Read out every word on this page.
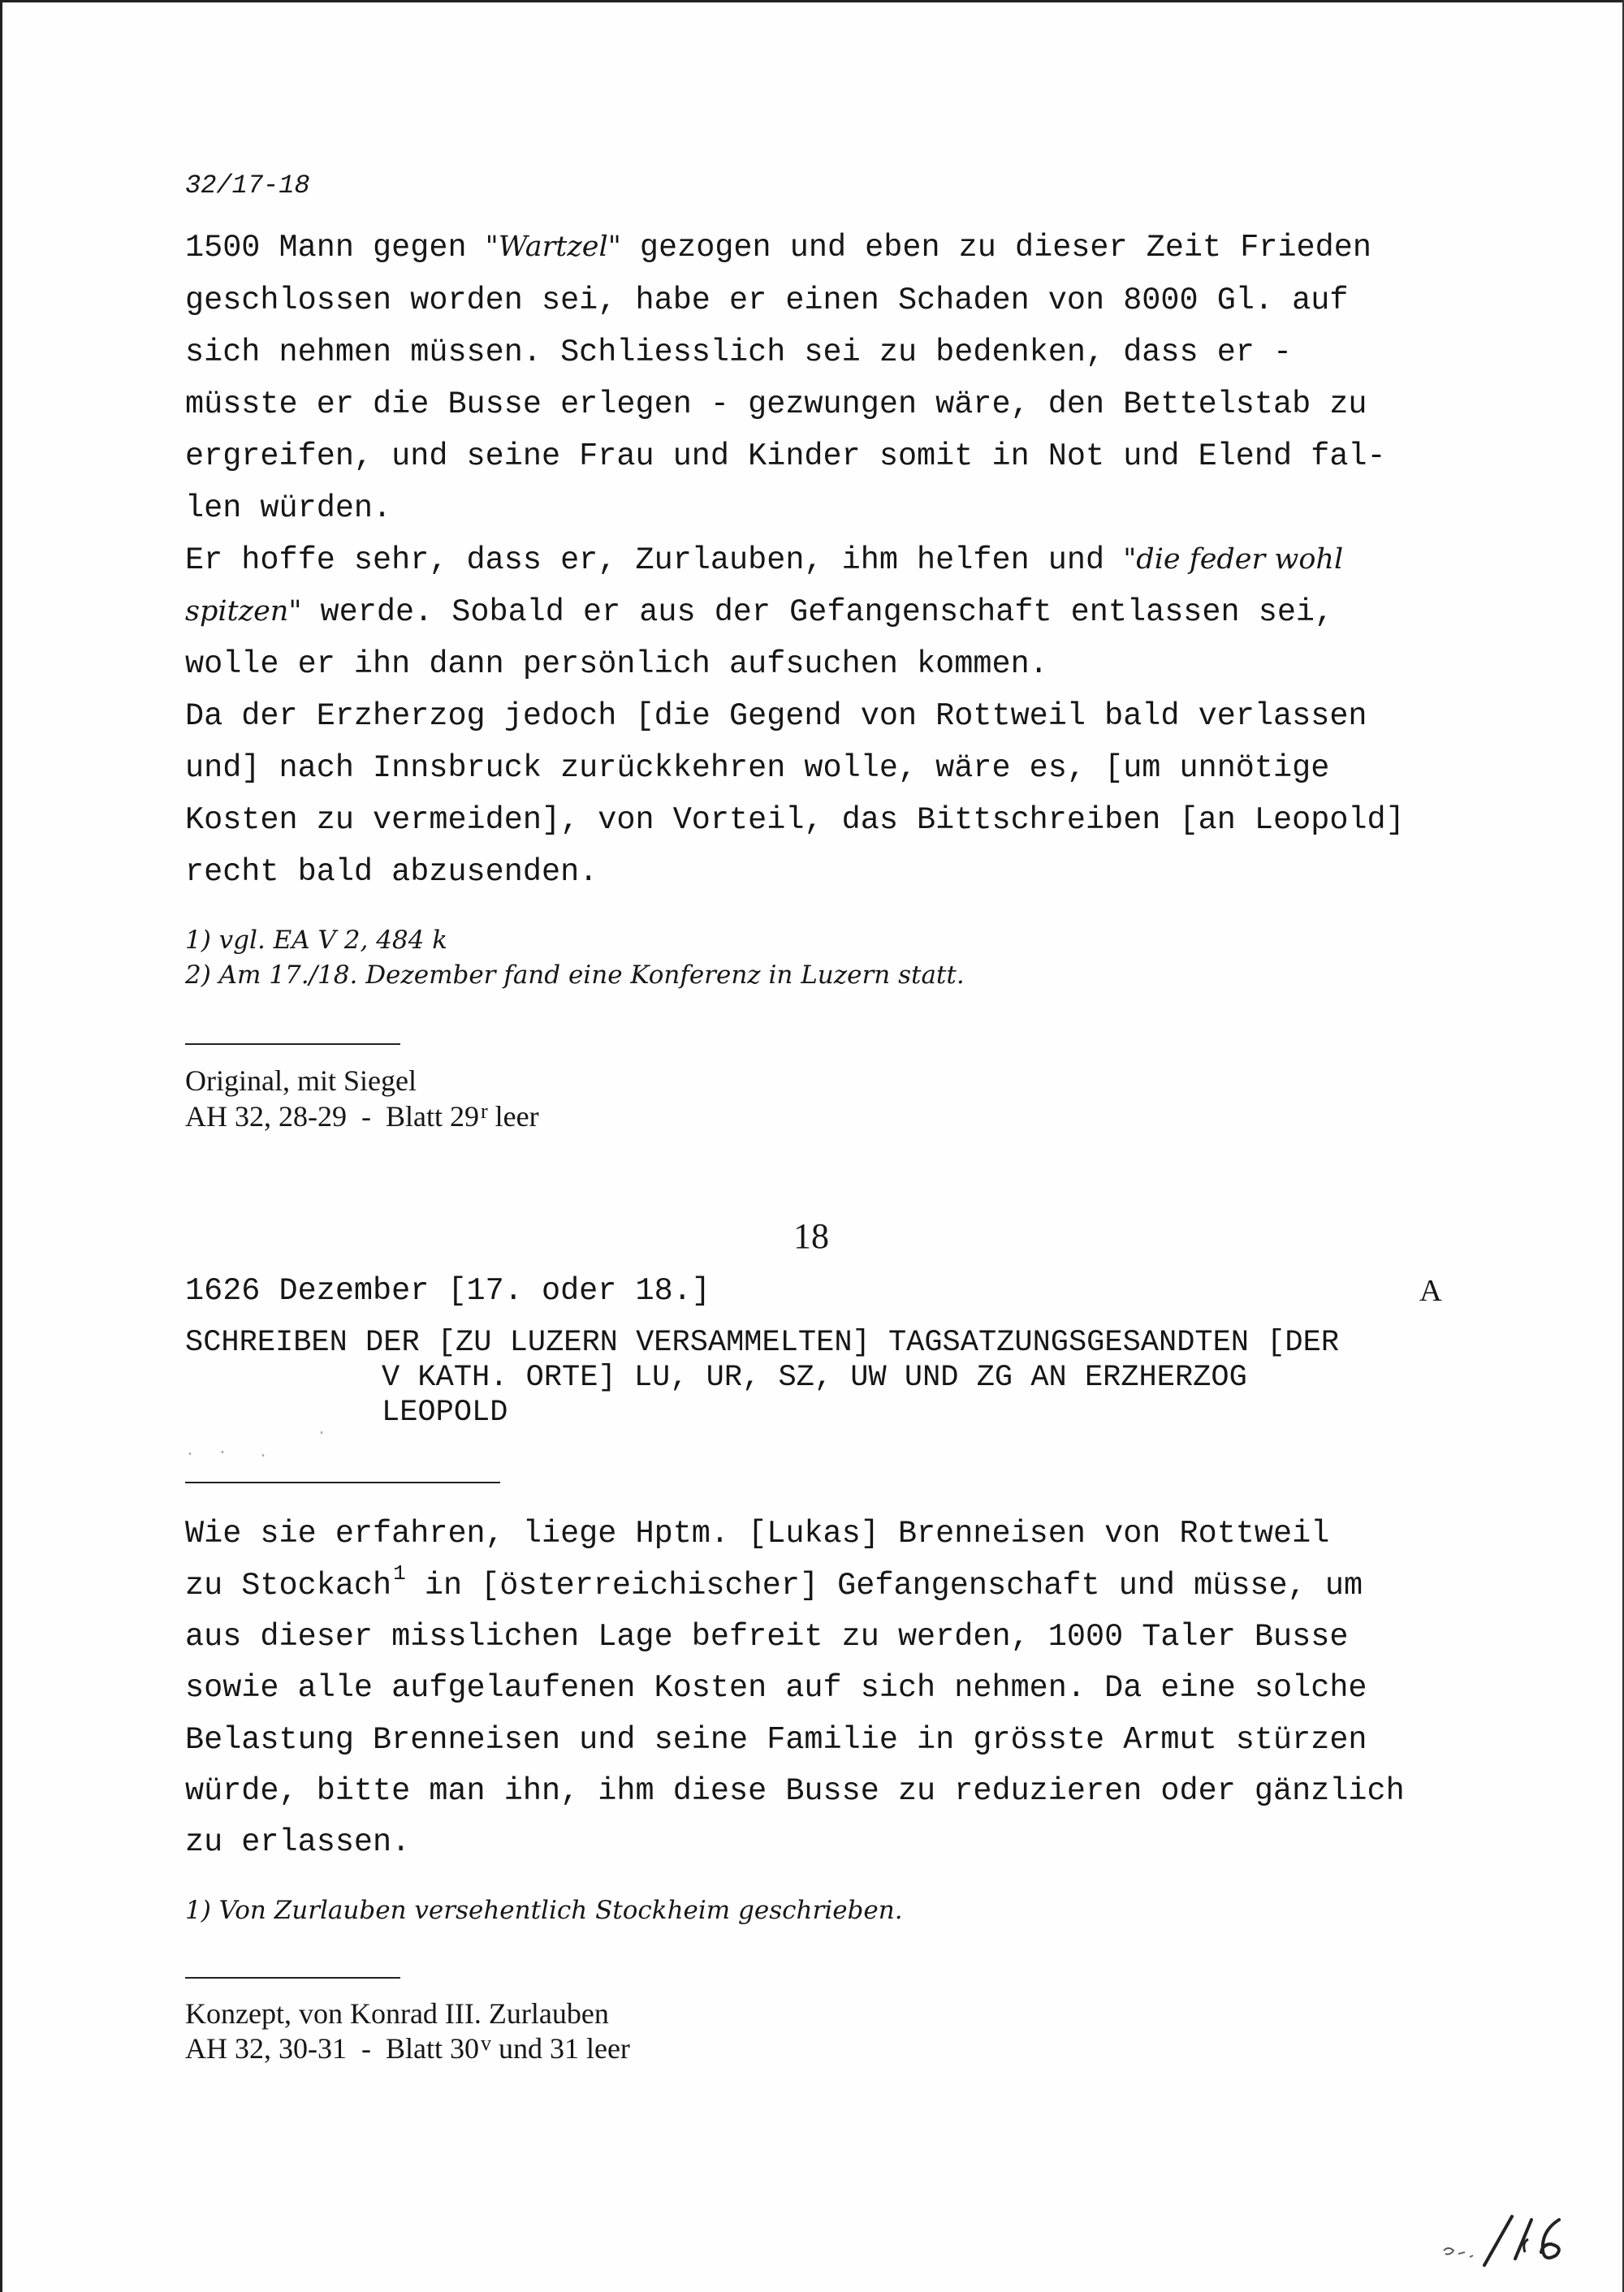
32/17-18
1500 Mann gegen "Wartzel" gezogen und eben zu dieser Zeit Frieden
geschlossen worden sei, habe er einen Schaden von 8000 Gl. auf
sich nehmen müssen. Schliesslich sei zu bedenken, dass er -
müsste er die Busse erlegen - gezwungen wäre, den Bettelstab zu
ergreifen, und seine Frau und Kinder somit in Not und Elend fal-
len würden.
Er hoffe sehr, dass er, Zurlauben, ihm helfen und "die feder wohl
spitzen" werde. Sobald er aus der Gefangenschaft entlassen sei,
wolle er ihn dann persönlich aufsuchen kommen.
Da der Erzherzog jedoch [die Gegend von Rottweil bald verlassen
und] nach Innsbruck zurückkehren wolle, wäre es, [um unnötige
Kosten zu vermeiden], von Vorteil, das Bittschreiben [an Leopold]
recht bald abzusenden.
1) vgl. EA V 2, 484 k
2) Am 17./18. Dezember fand eine Konferenz in Luzern statt.
Original, mit Siegel
AH 32, 28-29  -  Blatt 29$^r$ leer
18
1626 Dezember [17. oder 18.]	A
SCHREIBEN DER [ZU LUZERN VERSAMMELTEN] TAGSATZUNGSGESANDTEN [DER
V KATH. ORTE] LU, UR, SZ, UW UND ZG AN ERZHERZOG
LEOPOLD
Wie sie erfahren, liege Hptm. [Lukas] Brenneisen von Rottweil
zu Stockach$^1$ in [österreichischer] Gefangenschaft und müsse, um
aus dieser misslichen Lage befreit zu werden, 1000 Taler Busse
sowie alle aufgelaufenen Kosten auf sich nehmen. Da eine solche
Belastung Brenneisen und seine Familie in grösste Armut stürzen
würde, bitte man ihn, ihm diese Busse zu reduzieren oder gänzlich
zu erlassen.
1) Von Zurlauben versehentlich Stockheim geschrieben.
Konzept, von Konrad III. Zurlauben
AH 32, 30-31  -  Blatt 30$^v$ und 31 leer
· · ·
·
